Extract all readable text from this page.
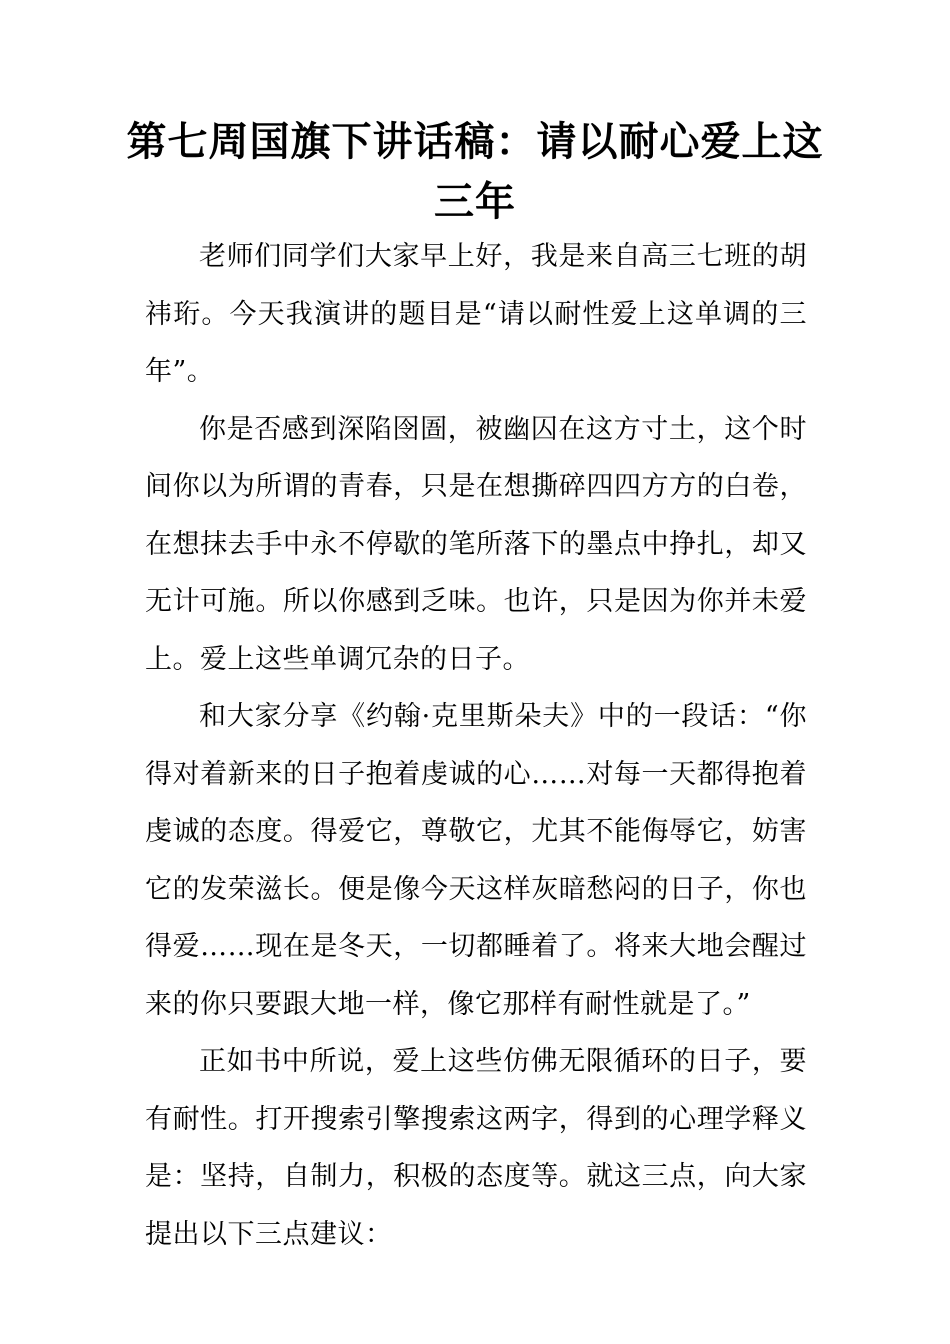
第七周国旗下讲话稿：请以耐心爱上这三年

老师们同学们大家早上好，我是来自高三七班的胡祎珩。今天我演讲的题目是“请以耐性爱上这单调的三年”。

你是否感到深陷囹圄，被幽囚在这方寸土，这个时间你以为所谓的青春，只是在想撕碎四四方方的白卷，在想抹去手中永不停歇的笔所落下的墨点中挣扎，却又无计可施。所以你感到乏味。也许，只是因为你并未爱上。爱上这些单调冗杂的日子。

和大家分享《约翰·克里斯朵夫》中的一段话：“你得对着新来的日子抱着虔诚的心……对每一天都得抱着虔诚的态度。得爱它，尊敬它，尤其不能侮辱它，妨害它的发荣滋长。便是像今天这样灰暗愁闷的日子，你也得爱……现在是冬天，一切都睡着了。将来大地会醒过来的你只要跟大地一样，像它那样有耐性就是了。”

正如书中所说，爱上这些仿佛无限循环的日子，要有耐性。打开搜索引擎搜索这两字，得到的心理学释义是：坚持，自制力，积极的态度等。就这三点，向大家提出以下三点建议：
